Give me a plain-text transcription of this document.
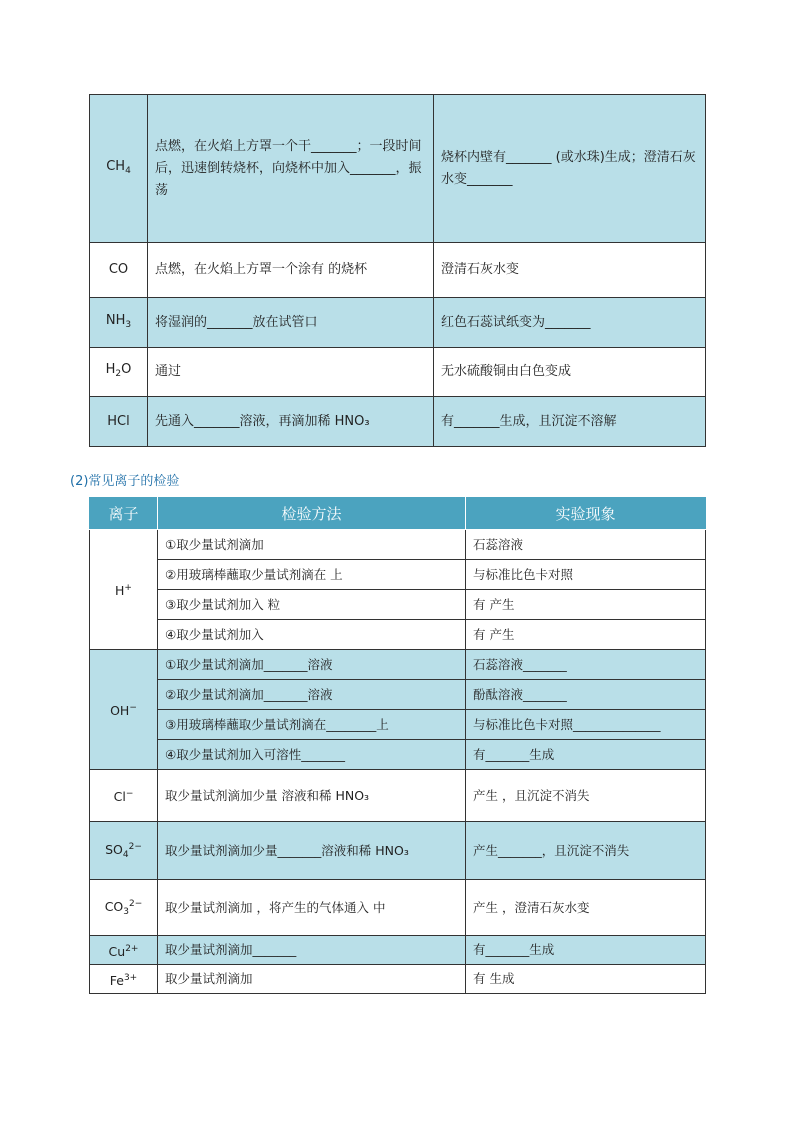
$CH_4$	点燃，在火焰上方罩一个干_______；一段时间后，迅速倒转烧杯，向烧杯中加入_______，振荡	烧杯内壁有_______ (或水珠)生成；澄清石灰水变_______
CO	点燃，在火焰上方罩一个涂有 的烧杯	澄清石灰水变
$NH_3$	将湿润的_______放在试管口	红色石蕊试纸变为_______
$H_2O$	通过	无水硫酸铜由白色变成
HCl	先通入_______溶液，再滴加稀 HNO₃	有_______生成，且沉淀不溶解
(2)常见离子的检验
离子	检验方法	实验现象
H+	①取少量试剂滴加	石蕊溶液
	②用玻璃棒蘸取少量试剂滴在 上	与标准比色卡对照
	③取少量试剂加入 粒	有 产生
	④取少量试剂加入	有 产生
OH−	①取少量试剂滴加_______溶液	石蕊溶液_______
	②取少量试剂滴加_______溶液	酚酞溶液_______
	③用玻璃棒蘸取少量试剂滴在________上	与标准比色卡对照______________
	④取少量试剂加入可溶性_______	有_______生成
Cl−	取少量试剂滴加少量 溶液和稀 HNO₃	产生 ，且沉淀不消失
$SO_4^{2-}$	取少量试剂滴加少量_______溶液和稀 HNO₃	产生_______，且沉淀不消失
$CO_3^{2-}$	取少量试剂滴加 ，将产生的气体通入 中	产生 ，澄清石灰水变
$Cu^{2+}$	取少量试剂滴加_______	有_______生成
$Fe^{3+}$	取少量试剂滴加	有 生成
